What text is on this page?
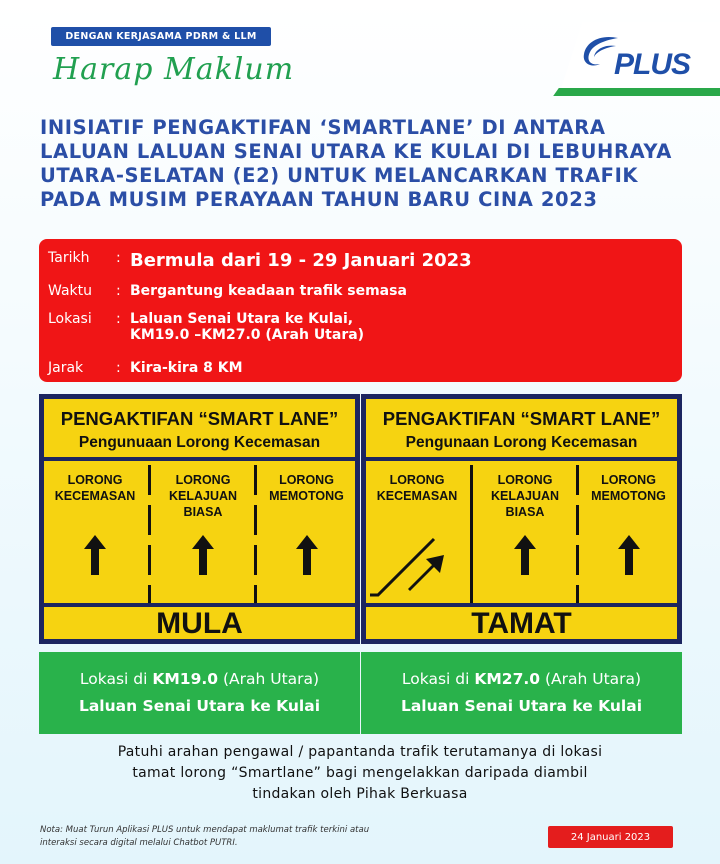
DENGAN KERJASAMA PDRM & LLM
Harap Maklum	PLUS
INISIATIF PENGAKTIFAN ‘SMARTLANE’ DI ANTARA LALUAN LALUAN SENAI UTARA KE KULAI DI LEBUHRAYA UTARA-SELATAN (E2) UNTUK MELANCARKAN TRAFIK PADA MUSIM PERAYAAN TAHUN BARU CINA 2023
Tarikh	: Bermula dari 19 - 29 Januari 2023
Waktu	: Bergantung keadaan trafik semasa
Lokasi	: Laluan Senai Utara ke Kulai,
KM19.0 –KM27.0 (Arah Utara)
Jarak	: Kira-kira 8 KM
PENGAKTIFAN “SMART LANE”
Pengunuaan Lorong Kecemasan
LORONG
KECEMASAN
LORONG
KELAJUAN
BIASA
LORONG
MEMOTONG
MULA
PENGAKTIFAN “SMART LANE”
Pengunaan Lorong Kecemasan
LORONG
KECEMASAN
LORONG
KELAJUAN
BIASA
LORONG
MEMOTONG
TAMAT
Lokasi di KM19.0 (Arah Utara)
Laluan Senai Utara ke Kulai
Lokasi di KM27.0 (Arah Utara)
Laluan Senai Utara ke Kulai
Patuhi arahan pengawal / papantanda trafik terutamanya di lokasi
tamat lorong “Smartlane” bagi mengelakkan daripada diambil
tindakan oleh Pihak Berkuasa
Nota: Muat Turun Aplikasi PLUS untuk mendapat maklumat trafik terkini atau
interaksi secara digital melalui Chatbot PUTRI.
24 Januari 2023
